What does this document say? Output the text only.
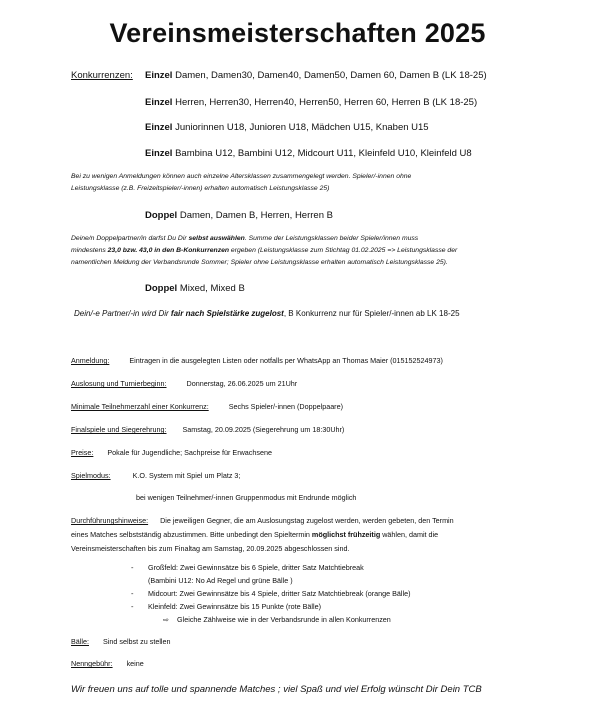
Vereinsmeisterschaften 2025
Konkurrenzen: Einzel Damen, Damen30, Damen40, Damen50, Damen 60, Damen B (LK 18-25)
Einzel Herren, Herren30, Herren40, Herren50, Herren 60, Herren B (LK 18-25)
Einzel Juniorinnen U18, Junioren U18, Mädchen U15, Knaben U15
Einzel Bambina U12, Bambini U12, Midcourt U11, Kleinfeld U10, Kleinfeld U8
Bei zu wenigen Anmeldungen können auch einzelne Altersklassen zusammengelegt werden. Spieler/-innen ohne
Leistungsklasse (z.B. Freizeitspieler/-innen) erhalten automatisch Leistungsklasse 25)
Doppel Damen, Damen B, Herren, Herren B
Deine/n Doppelpartner/in darfst Du Dir selbst auswählen. Summe der Leistungsklassen beider Spieler/innen muss
mindestens 23,0 bzw. 43,0 in den B-Konkurrenzen ergeben (Leistungsklasse zum Stichtag 01.02.2025 => Leistungsklasse der
namentlichen Meldung der Verbandsrunde Sommer; Spieler ohne Leistungsklasse erhalten automatisch Leistungsklasse 25).
Doppel Mixed, Mixed B
Dein/-e Partner/-in wird Dir fair nach Spielstärke zugelost, B Konkurrenz nur für Spieler/-innen ab LK 18-25
Anmeldung:	Eintragen in die ausgelegten Listen oder notfalls per WhatsApp an Thomas Maier (015152524973)
Auslosung und Turnierbeginn:	Donnerstag, 26.06.2025 um 21Uhr
Minimale Teilnehmerzahl einer Konkurrenz:	Sechs Spieler/-innen (Doppelpaare)
Finalspiele und Siegerehrung: Samstag, 20.09.2025 (Siegerehrung um 18:30Uhr)
Preise: Pokale für Jugendliche; Sachpreise für Erwachsene
Spielmodus:	K.O. System mit Spiel um Platz 3;
bei wenigen Teilnehmer/-innen Gruppenmodus mit Endrunde möglich
Durchführungshinweise: Die jeweiligen Gegner, die am Auslosungstag zugelost werden, werden gebeten, den Termin
eines Matches selbstständig abzustimmen. Bitte unbedingt den Spieltermin möglichst frühzeitig wählen, damit die
Vereinsmeisterschaften bis zum Finaltag am Samstag, 20.09.2025 abgeschlossen sind.
- Großfeld: Zwei Gewinnsätze bis 6 Spiele, dritter Satz Matchtiebreak
(Bambini U12: No Ad Regel und grüne Bälle )
- Midcourt: Zwei Gewinnsätze bis 4 Spiele, dritter Satz Matchtiebreak (orange Bälle)
- Kleinfeld: Zwei Gewinnsätze bis 15 Punkte (rote Bälle)
⇨ Gleiche Zählweise wie in der Verbandsrunde in allen Konkurrenzen
Bälle: Sind selbst zu stellen
Nenngebühr: keine
Wir freuen uns auf tolle und spannende Matches ; viel Spaß und viel Erfolg wünscht Dir Dein TCB
